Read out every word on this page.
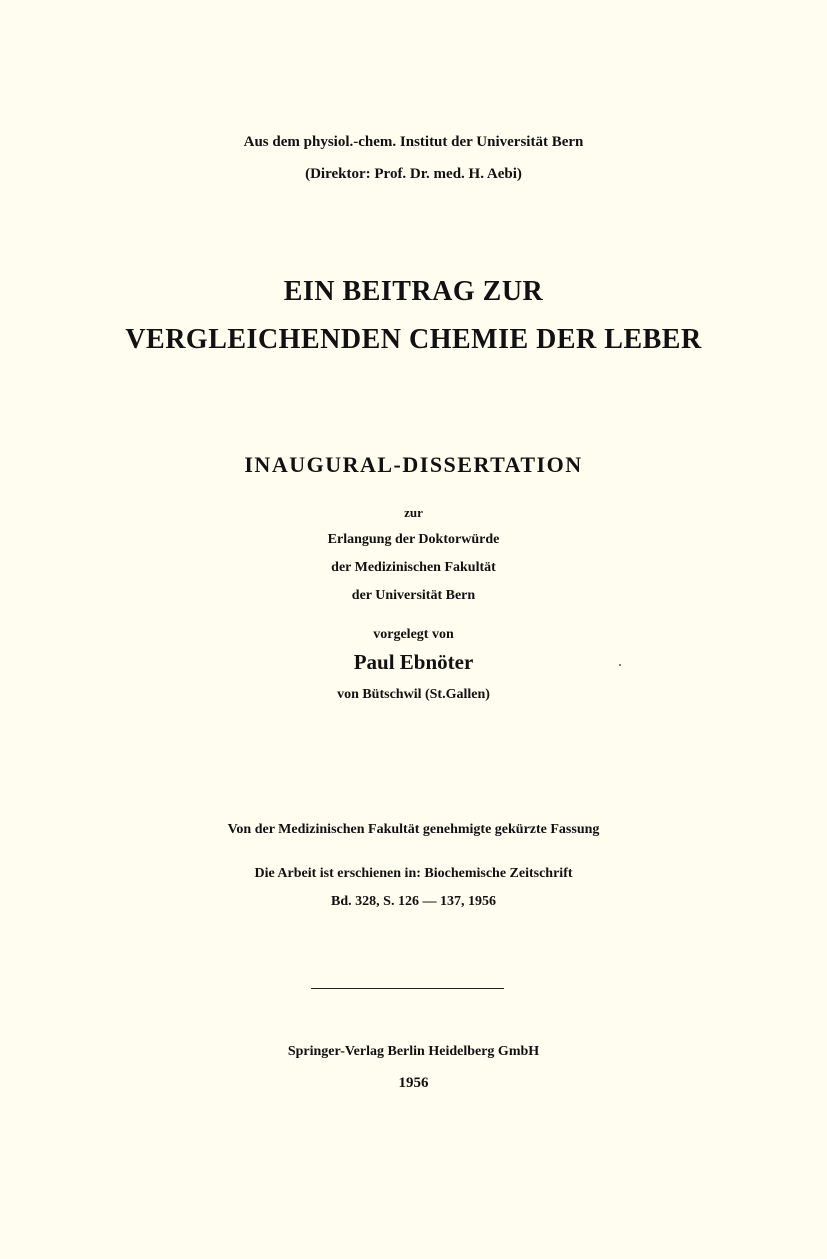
Aus dem physiol.-chem. Institut der Universität Bern
(Direktor: Prof. Dr. med. H. Aebi)
EIN BEITRAG ZUR
VERGLEICHENDEN CHEMIE DER LEBER
INAUGURAL-DISSERTATION
zur
Erlangung der Doktorwürde
der Medizinischen Fakultät
der Universität Bern
vorgelegt von
Paul Ebnöter
von Bütschwil (St.Gallen)
Von der Medizinischen Fakultät genehmigte gekürzte Fassung
Die Arbeit ist erschienen in: Biochemische Zeitschrift
Bd. 328, S. 126 — 137, 1956
Springer-Verlag Berlin Heidelberg GmbH
1956
